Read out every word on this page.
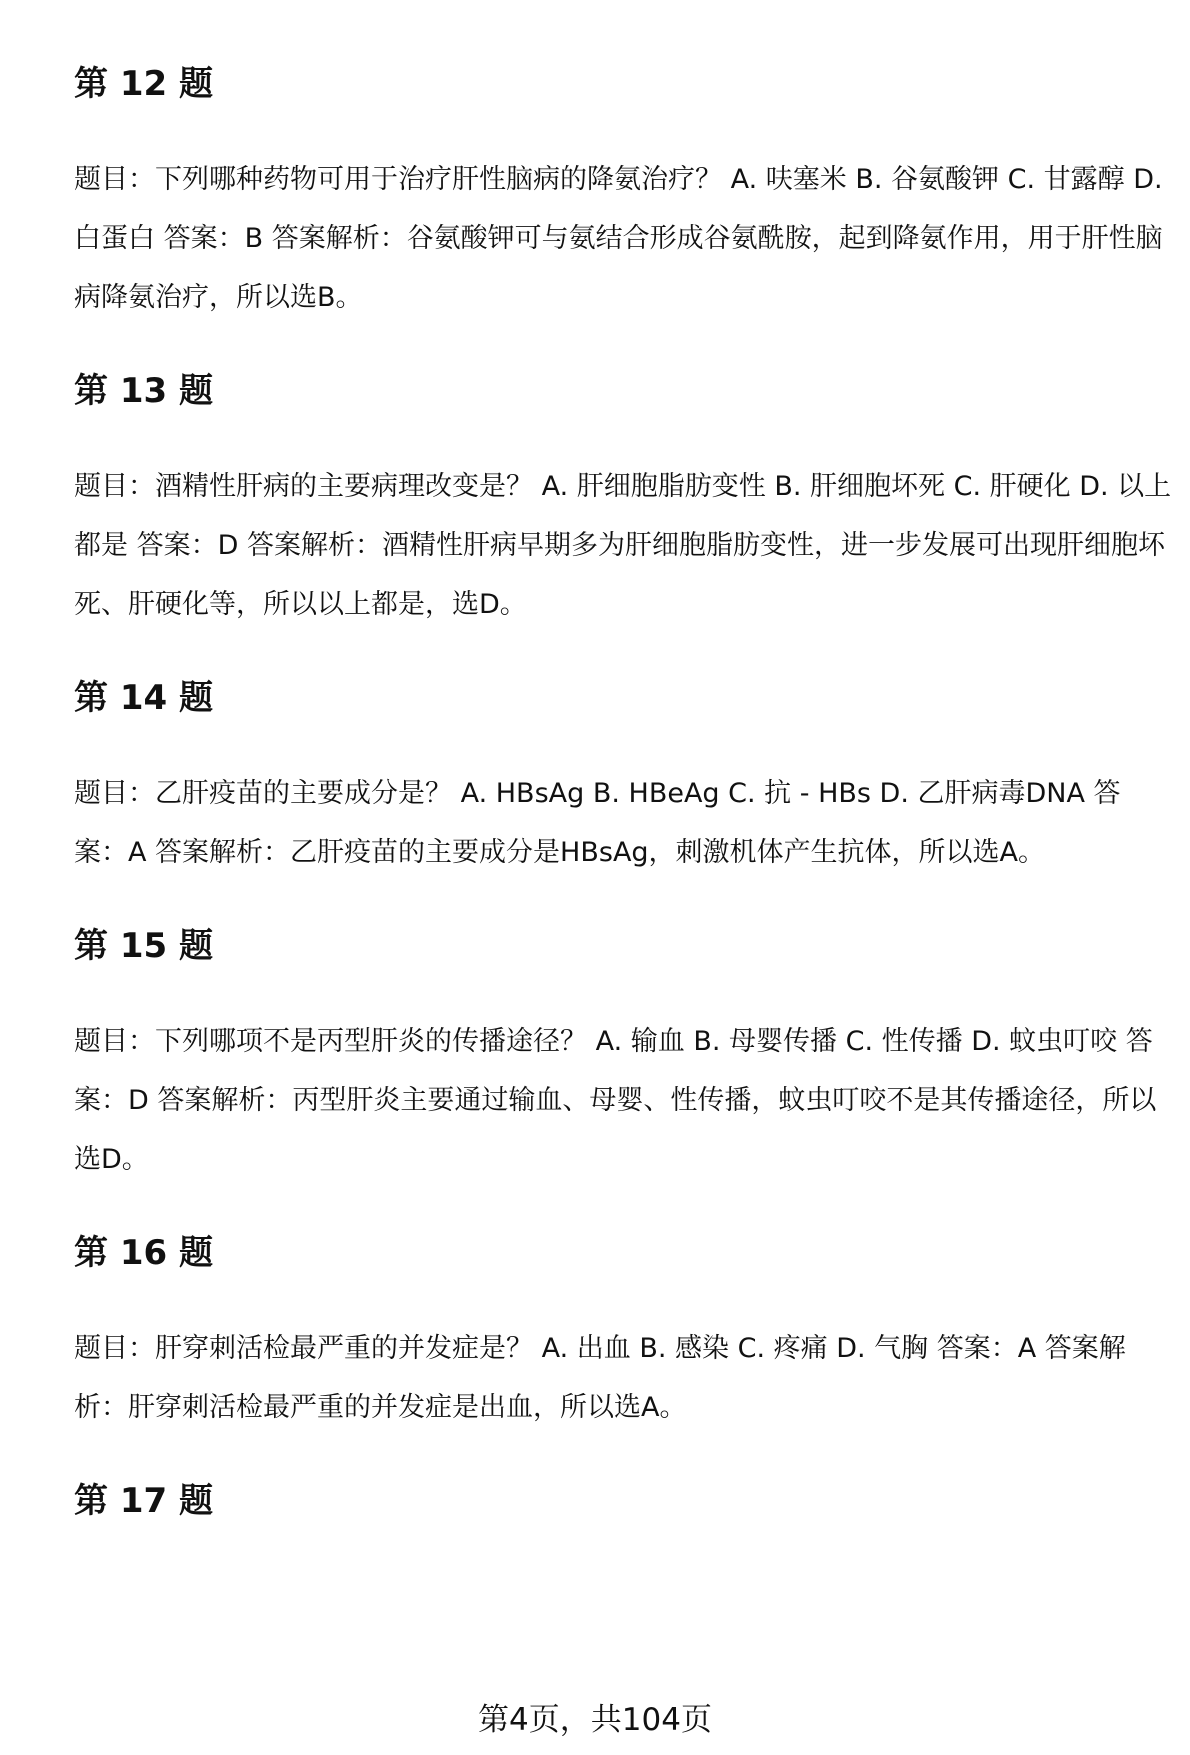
第 12 题
题目：下列哪种药物可用于治疗肝性脑病的降氨治疗？ A. 呋塞米 B. 谷氨酸钾 C. 甘露醇 D. 白蛋白 答案：B 答案解析：谷氨酸钾可与氨结合形成谷氨酰胺，起到降氨作用，用于肝性脑病降氨治疗，所以选B。
第 13 题
题目：酒精性肝病的主要病理改变是？ A. 肝细胞脂肪变性 B. 肝细胞坏死 C. 肝硬化 D. 以上都是 答案：D 答案解析：酒精性肝病早期多为肝细胞脂肪变性，进一步发展可出现肝细胞坏死、肝硬化等，所以以上都是，选D。
第 14 题
题目：乙肝疫苗的主要成分是？ A. HBsAg B. HBeAg C. 抗 - HBs D. 乙肝病毒DNA 答案：A 答案解析：乙肝疫苗的主要成分是HBsAg，刺激机体产生抗体，所以选A。
第 15 题
题目：下列哪项不是丙型肝炎的传播途径？ A. 输血 B. 母婴传播 C. 性传播 D. 蚊虫叮咬 答案：D 答案解析：丙型肝炎主要通过输血、母婴、性传播，蚊虫叮咬不是其传播途径，所以选D。
第 16 题
题目：肝穿刺活检最严重的并发症是？ A. 出血 B. 感染 C. 疼痛 D. 气胸 答案：A 答案解析：肝穿刺活检最严重的并发症是出血，所以选A。
第 17 题
第4页，共104页
